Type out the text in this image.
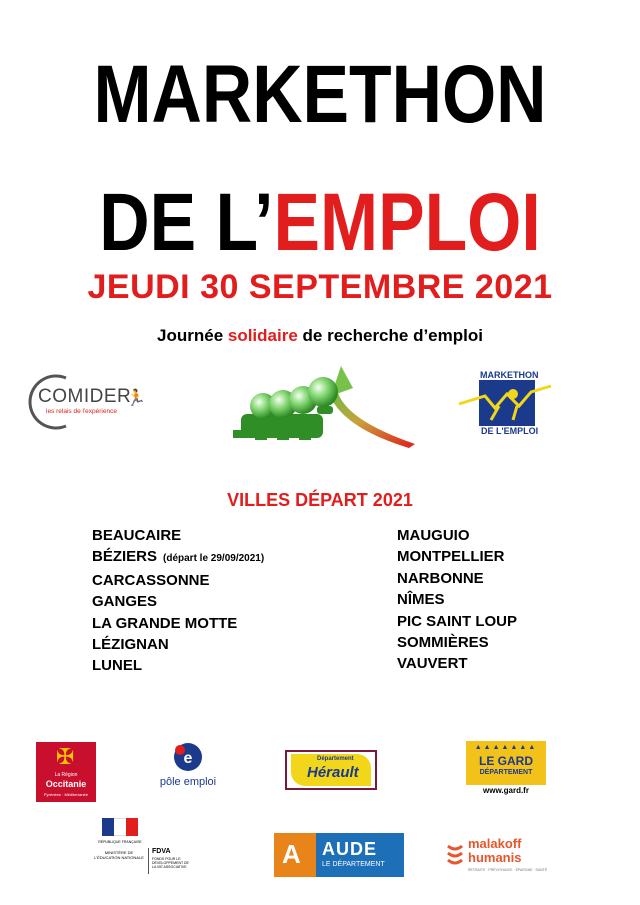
MARKETHON
DE L’EMPLOI
JEUDI 30 SEPTEMBRE 2021
Journée solidaire de recherche d’emploi
COMIDER
les relais de l'expérience
🏃
MARKETHON
DE L'EMPLOI
VILLES DÉPART 2021
BEAUCAIRE
BÉZIERS (départ le 29/09/2021)
CARCASSONNE
GANGES
LA GRANDE MOTTE
LÉZIGNAN
LUNEL
MAUGUIO
MONTPELLIER
NARBONNE
NÎMES
PIC SAINT LOUP
SOMMIÈRES
VAUVERT
✠
La Région
Occitanie
Pyrénées · Méditerranée
e
pôle emploi
Département
Hérault
▲▲▲▲▲▲▲
LE GARD
DÉPARTEMENT
www.gard.fr
RÉPUBLIQUE FRANÇAISE
MINISTÈRE DE L'ÉDUCATION NATIONALE
FDVA
FONDS POUR LE DÉVELOPPEMENT DE LA VIE ASSOCIATIVE	A AUDE
LE DÉPARTEMENT
malakoff
humanis
RETRAITE · PRÉVOYANCE · ÉPARGNE · SANTÉ
